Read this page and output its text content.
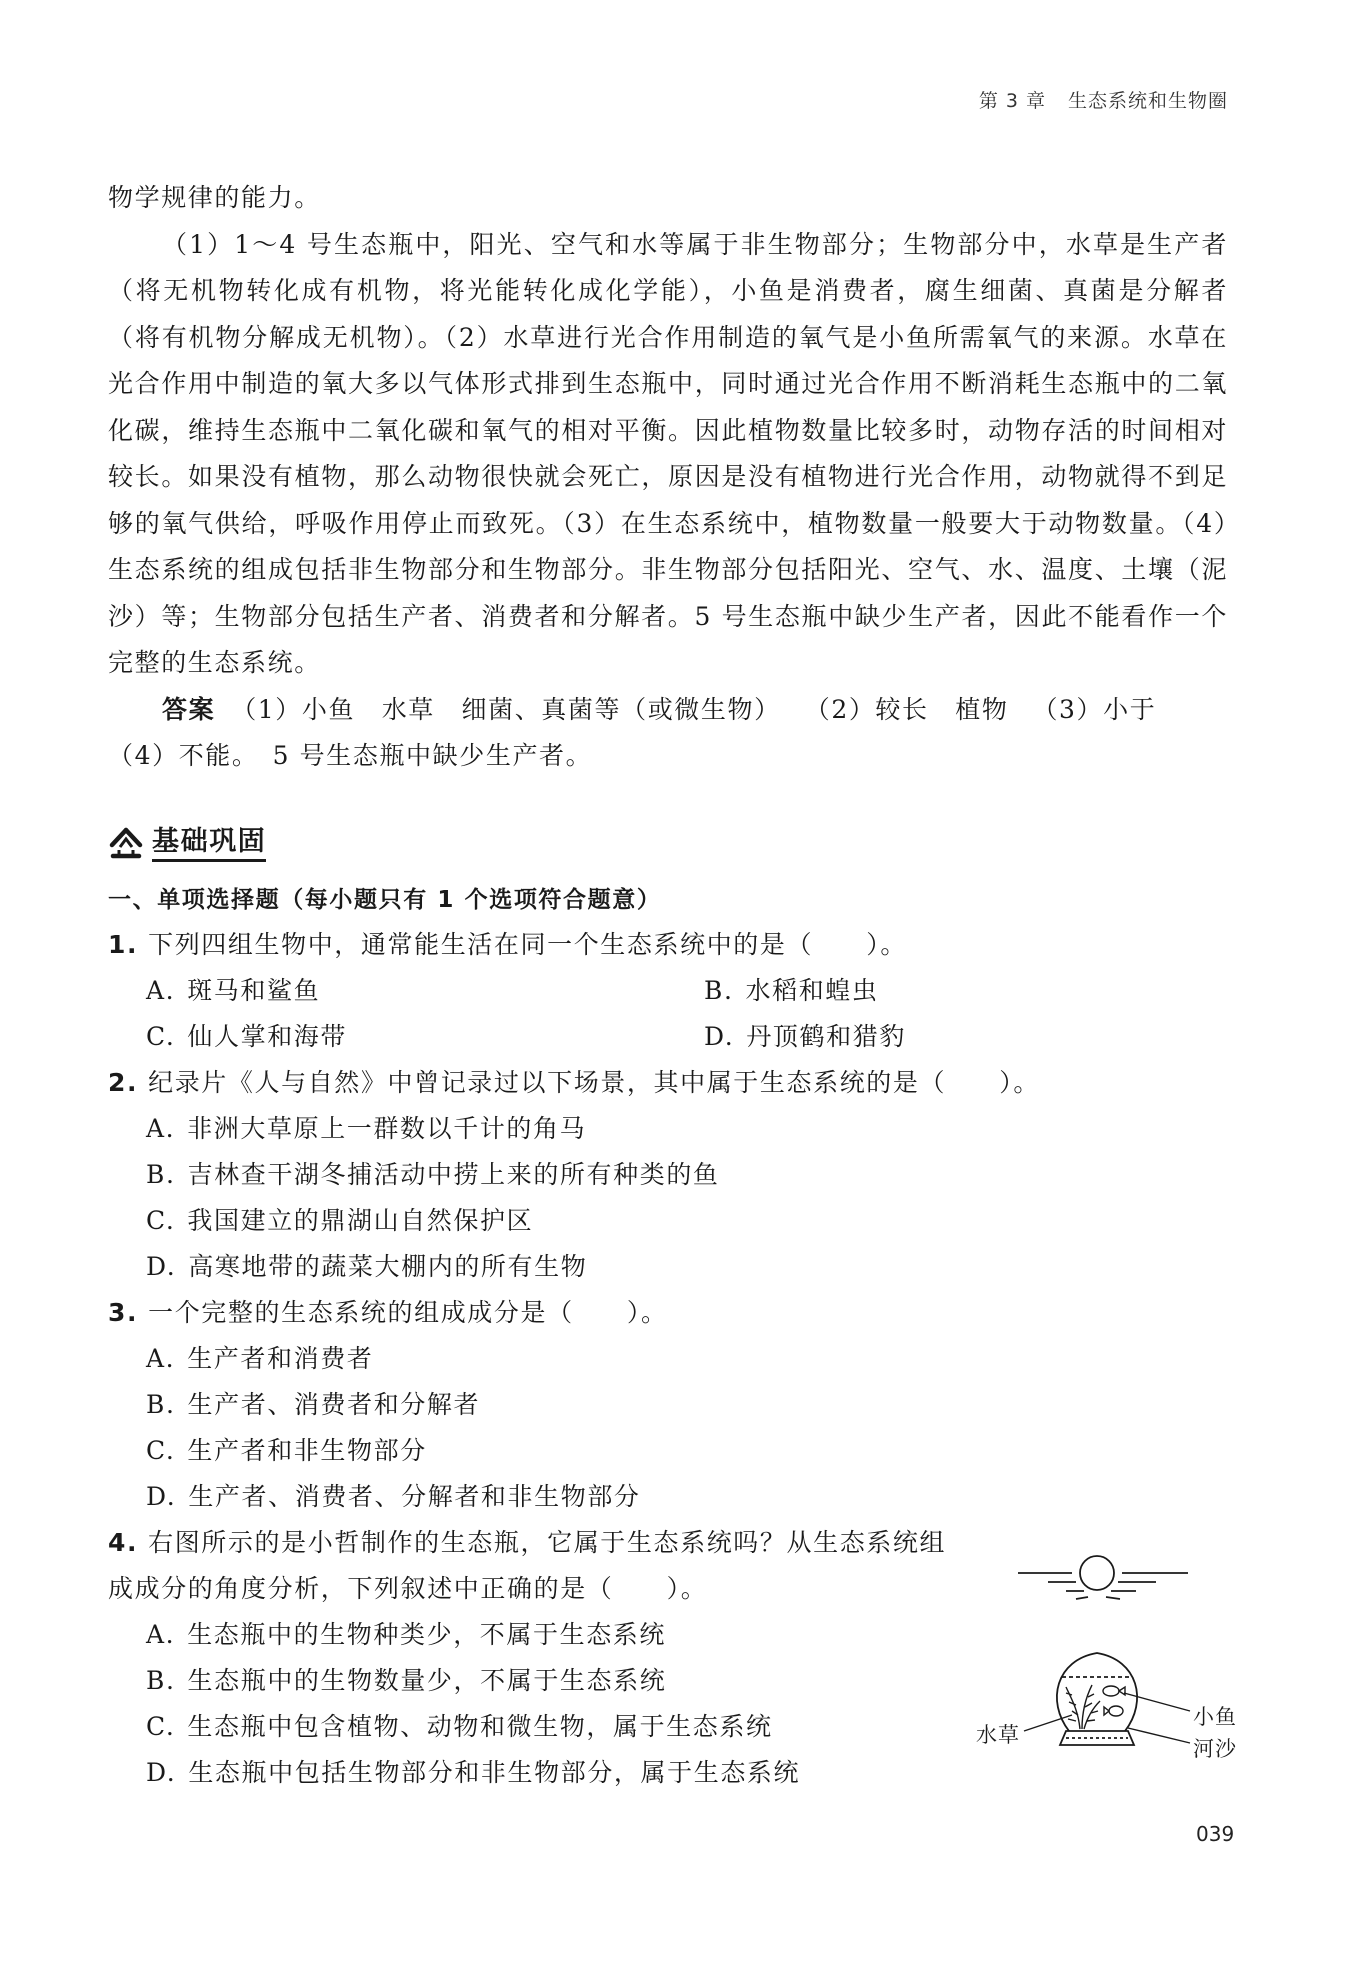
第 3 章 生态系统和生物圈

物学规律的能力。

（1）1～4 号生态瓶中，阳光、空气和水等属于非生物部分；生物部分中，水草是生产者（将无机物转化成有机物，将光能转化成化学能），小鱼是消费者，腐生细菌、真菌是分解者（将有机物分解成无机物）。（2）水草进行光合作用制造的氧气是小鱼所需氧气的来源。水草在光合作用中制造的氧大多以气体形式排到生态瓶中，同时通过光合作用不断消耗生态瓶中的二氧化碳，维持生态瓶中二氧化碳和氧气的相对平衡。因此植物数量比较多时，动物存活的时间相对较长。如果没有植物，那么动物很快就会死亡，原因是没有植物进行光合作用，动物就得不到足够的氧气供给，呼吸作用停止而致死。（3）在生态系统中，植物数量一般要大于动物数量。（4）生态系统的组成包括非生物部分和生物部分。非生物部分包括阳光、空气、水、温度、土壤（泥沙）等；生物部分包括生产者、消费者和分解者。5 号生态瓶中缺少生产者，因此不能看作一个完整的生态系统。

答案 （1）小鱼　水草　细菌、真菌等（或微生物） （2）较长　植物 （3）小于（4）不能。　5 号生态瓶中缺少生产者。

基础巩固
一、单项选择题（每小题只有 1 个选项符合题意）

1. 下列四组生物中，通常能生活在同一个生态系统中的是（　　）。

A. 斑马和鲨鱼	B. 水稻和蝗虫
C. 仙人掌和海带	D. 丹顶鹤和猎豹

2. 纪录片《人与自然》中曾记录过以下场景，其中属于生态系统的是（　　）。

A. 非洲大草原上一群数以千计的角马
B. 吉林查干湖冬捕活动中捞上来的所有种类的鱼
C. 我国建立的鼎湖山自然保护区
D. 高寒地带的蔬菜大棚内的所有生物

3. 一个完整的生态系统的组成成分是（　　）。

A. 生产者和消费者
B. 生产者、消费者和分解者
C. 生产者和非生物部分
D. 生产者、消费者、分解者和非生物部分

4. 右图所示的是小哲制作的生态瓶，它属于生态系统吗？从生态系统组成成分的角度分析，下列叙述中正确的是（　　）。

A. 生态瓶中的生物种类少，不属于生态系统
B. 生态瓶中的生物数量少，不属于生态系统
C. 生态瓶中包含植物、动物和微生物，属于生态系统
D. 生态瓶中包括生物部分和非生物部分，属于生态系统
水草
小鱼
河沙
039
